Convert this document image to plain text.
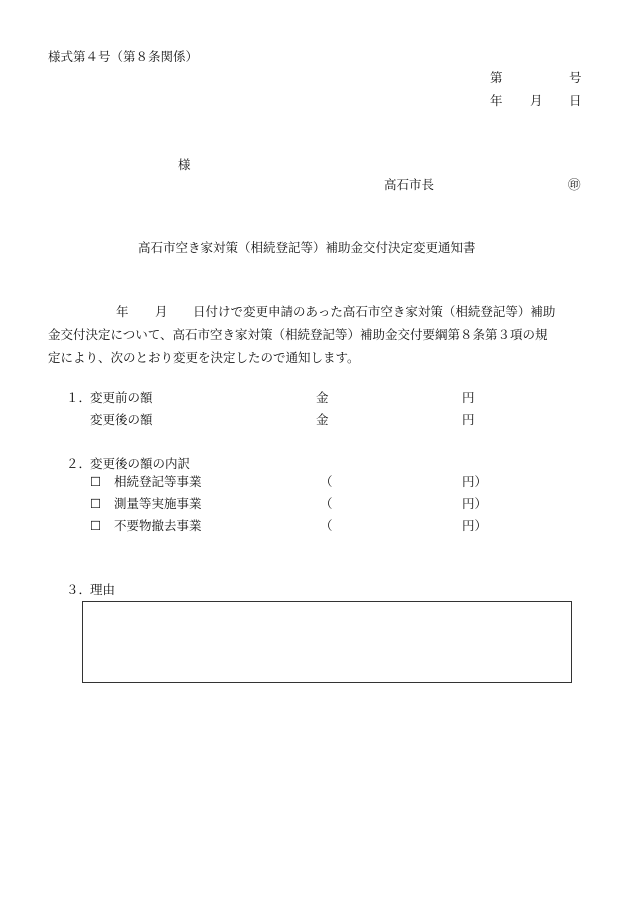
様式第４号（第８条関係）
第	号
年 月 日
様
高石市長	㊞
高石市空き家対策（相続登記等）補助金交付決定変更通知書
年 月 日付けで変更申請のあった高石市空き家対策（相続登記等）補助
金交付決定について、高石市空き家対策（相続登記等）補助金交付要綱第８条第３項の規
定により、次のとおり変更を決定したので通知します。
１．
変更前の額	金	円
変更後の額	金	円
２．
変更後の額の内訳
☐ 相続登記等事業	（	円）
☐ 測量等実施事業	（	円）
☐ 不要物撤去事業	（	円）
３．
理由
